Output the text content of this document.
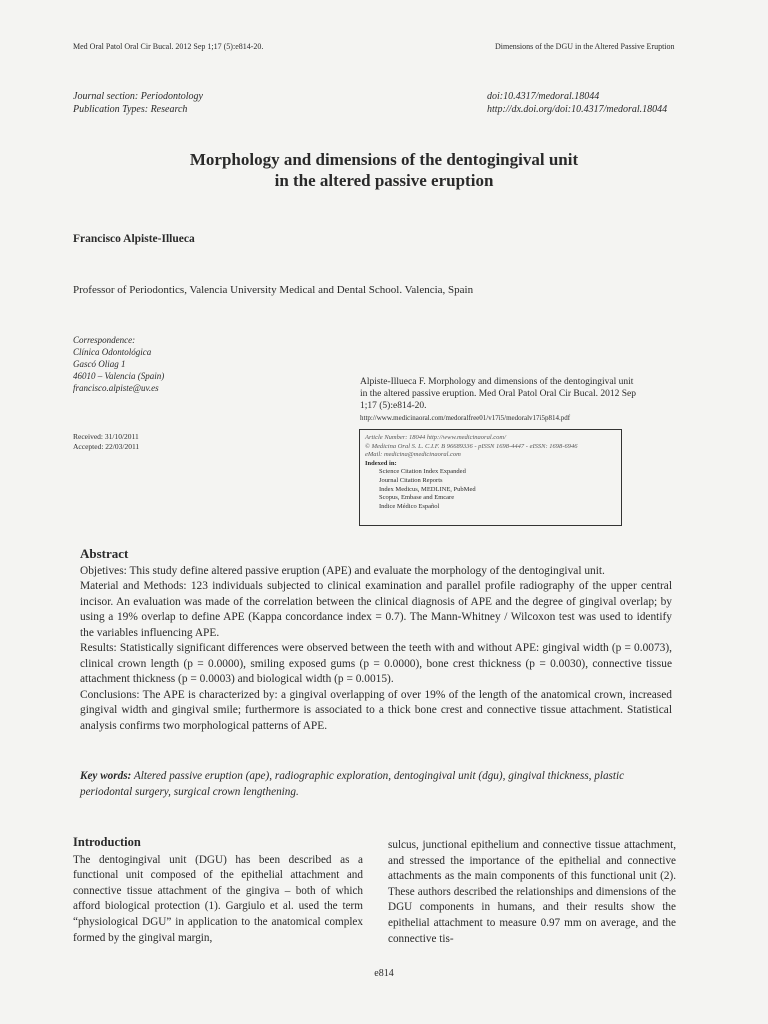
Med Oral Patol Oral Cir Bucal. 2012 Sep 1;17 (5):e814-20.	Dimensions of the DGU in the Altered Passive Eruption
Journal section: Periodontology
Publication Types: Research
doi:10.4317/medoral.18044
http://dx.doi.org/doi:10.4317/medoral.18044
Morphology and dimensions of the dentogingival unit
in the altered passive eruption
Francisco Alpiste-Illueca
Professor of Periodontics, Valencia University Medical and Dental School. Valencia, Spain
Correspondence:
Clínica Odontológica
Gascó Oliag 1
46010 – Valencia (Spain)
francisco.alpiste@uv.es
Received: 31/10/2011
Accepted: 22/03/2011
Alpiste-Illueca F. Morphology and dimensions of the dentogingival unit
in the altered passive eruption. Med Oral Patol Oral Cir Bucal. 2012 Sep
1;17 (5):e814-20.
http://www.medicinaoral.com/medoralfree01/v17i5/medoralv17i5p814.pdf
Article Number: 18044 http://www.medicinaoral.com/
© Medicina Oral S. L. C.I.F. B 96689336 - pISSN 1698-4447 - eISSN: 1698-6946
eMail: medicina@medicinaoral.com
Indexed in:
Science Citation Index Expanded
Journal Citation Reports
Index Medicus, MEDLINE, PubMed
Scopus, Embase and Emcare
Indice Médico Español
Abstract

Objetives: This study define altered passive eruption (APE) and evaluate the morphology of the dentogingival unit.

Material and Methods: 123 individuals subjected to clinical examination and parallel profile radiography of the upper central incisor. An evaluation was made of the correlation between the clinical diagnosis of APE and the degree of gingival overlap; by using a 19% overlap to define APE (Kappa concordance index = 0.7). The Mann-Whitney / Wilcoxon test was used to identify the variables influencing APE.

Results: Statistically significant differences were observed between the teeth with and without APE: gingival width (p = 0.0073), clinical crown length (p = 0.0000), smiling exposed gums (p = 0.0000), bone crest thickness (p = 0.0030), connective tissue attachment thickness (p = 0.0003) and biological width (p = 0.0015).

Conclusions: The APE is characterized by: a gingival overlapping of over 19% of the length of the anatomical crown, increased gingival width and gingival smile; furthermore is associated to a thick bone crest and connective tissue attachment. Statistical analysis confirms two morphological patterns of APE.

Key words: Altered passive eruption (ape), radiographic exploration, dentogingival unit (dgu), gingival thickness, plastic periodontal surgery, surgical crown lengthening.
Introduction

The dentogingival unit (DGU) has been described as a functional unit composed of the epithelial attachment and connective tissue attachment of the gingiva – both of which afford biological protection (1). Gargiulo et al. used the term “physiological DGU” in application to the anatomical complex formed by the gingival margin,

sulcus, junctional epithelium and connective tissue attachment, and stressed the importance of the epithelial and connective attachments as the main components of this functional unit (2). These authors described the relationships and dimensions of the DGU components in humans, and their results show the epithelial attachment to measure 0.97 mm on average, and the connective tis-

e814
